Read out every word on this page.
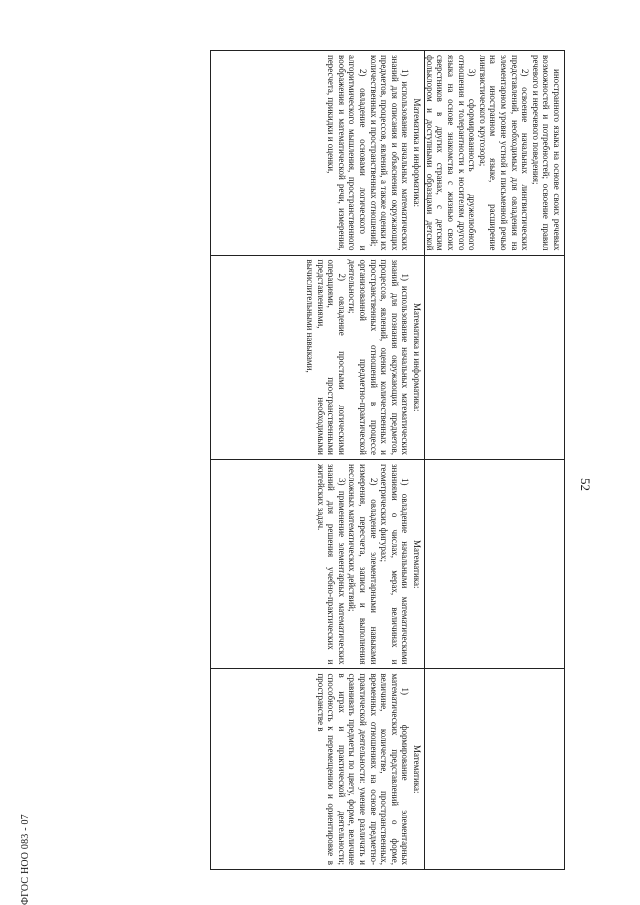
ФГОС НОО 083 - 07
52

иностранного языка на основе своих речевых возможностей и потребностей; освоение правил речевого и неречевого поведения;

2) освоение начальных лингвистических представлений, необходимых для овладения на элементарном уровне устной и письменной речью на иностранном языке, расширение лингвистического кругозора;

3) сформированность дружелюбного отношения и толерантности к носителям другого языка на основе знакомства с жизнью своих сверстников в других странах, с детским фольклором и доступными образцами детской

Математика и информатика:

1) использование начальных математических знаний для описания и объяснения окружающих предметов, процессов, явлений, а также оценки их количественных и пространственных отношений;

2) овладение основами логического и алгоритмического мышления, пространственного воображения и математической речи, измерения, пересчета, прикидки и оценки,

Математика и информатика:

1) использование начальных математических знаний для познания окружающих предметов, процессов, явлений, оценки количественных и пространственных отношений в процессе организованной предметно-практической деятельности;

2) овладение простыми логическими операциями, пространственными представлениями, необходимыми вычислительными навыками,

Математика:

1) овладение начальными математическими знаниями о числах, мерах, величинах и геометрических фигурах;

2) овладение элементарными навыками измерения, пересчета, записи и выполнения несложных математических действий;

3) применение элементарных математических знаний для решения учебно-практических и житейских задач.

Математика:

1) формирование элементарных математических представлений о форме, величине, количестве, пространственных, временных отношениях на основе предметно-практической деятельности: умение различать и сравнивать предметы по цвету, форме, величине в играх и практической деятельности; способность к перемещению и ориентировке в пространстве в
